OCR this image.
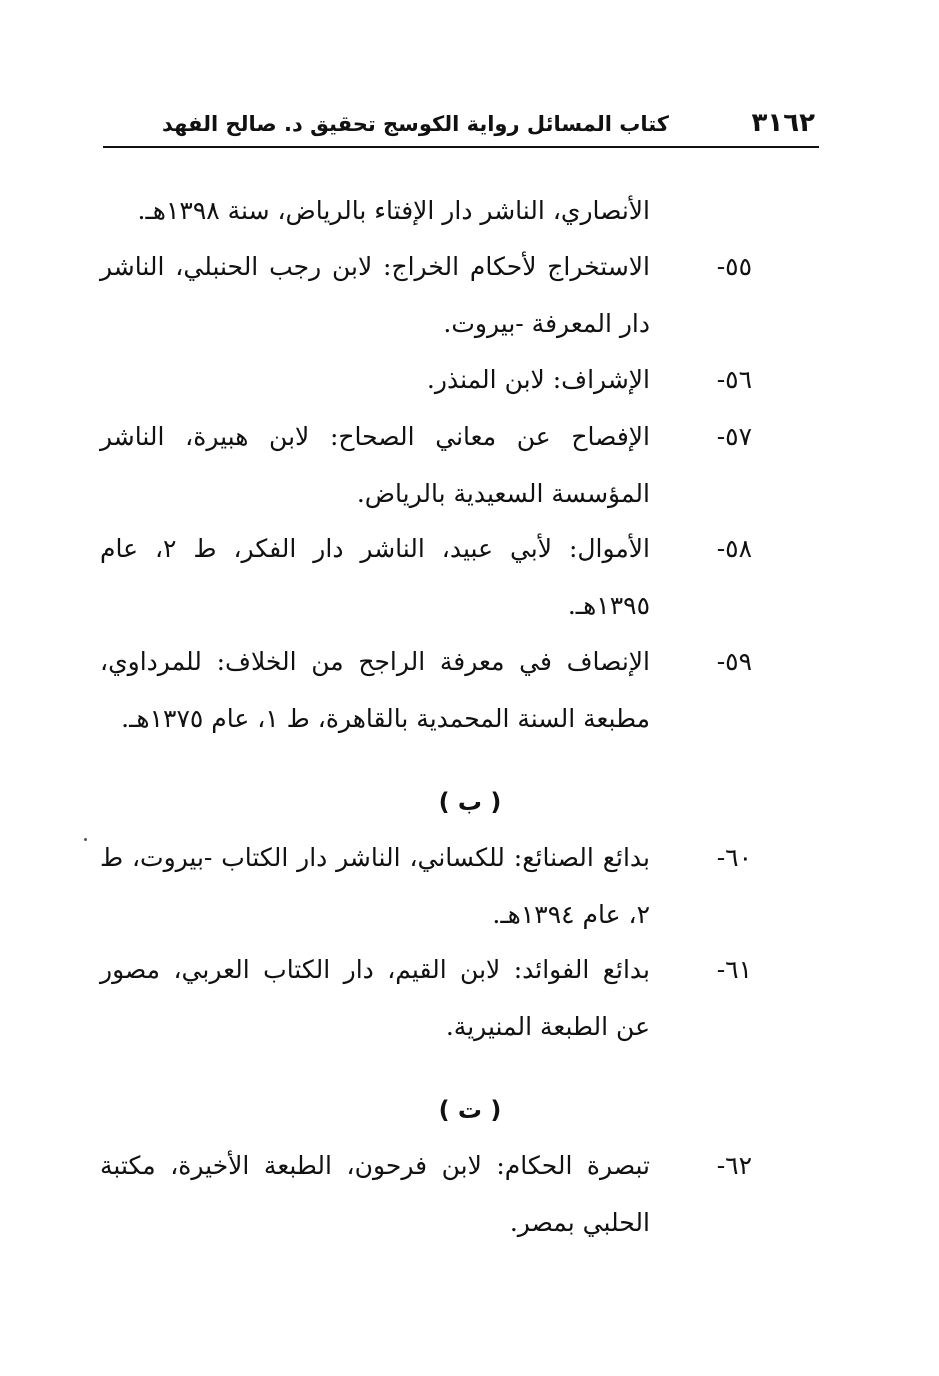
٣١٦٢
كتاب المسائل رواية الكوسج تحقيق د. صالح الفهد
الأنصاري، الناشر دار الإفتاء بالرياض، سنة ١٣٩٨هـ.
٥٥-
الاستخراج لأحكام الخراج: لابن رجب الحنبلي، الناشر دار المعرفة -بيروت.
٥٦-
الإشراف: لابن المنذر.
٥٧-
الإفصاح عن معاني الصحاح: لابن هبيرة، الناشر المؤسسة السعيدية بالرياض.
٥٨-
الأموال: لأبي عبيد، الناشر دار الفكر، ط ٢، عام ١٣٩٥هـ.
٥٩-
الإنصاف في معرفة الراجح من الخلاف: للمرداوي، مطبعة السنة المحمدية بالقاهرة، ط ١، عام ١٣٧٥هـ.
( ب )
٦٠-
بدائع الصنائع: للكساني، الناشر دار الكتاب -بيروت، ط ٢، عام ١٣٩٤هـ.
٦١-
بدائع الفوائد: لابن القيم، دار الكتاب العربي، مصور عن الطبعة المنيرية.
( ت )
٦٢-
تبصرة الحكام: لابن فرحون، الطبعة الأخيرة، مكتبة الحلبي بمصر.
